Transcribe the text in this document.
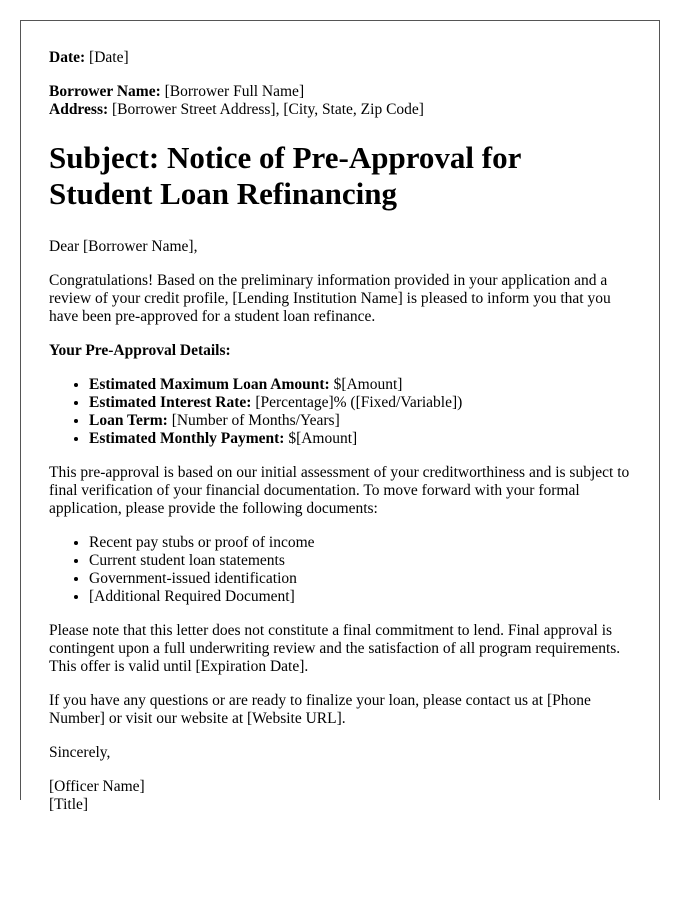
Date: [Date]

Borrower Name: [Borrower Full Name]

Address: [Borrower Street Address], [City, State, Zip Code]

Subject: Notice of Pre-Approval for Student Loan Refinancing

Dear [Borrower Name],

Congratulations! Based on the preliminary information provided in your application and a review of your credit profile, [Lending Institution Name] is pleased to inform you that you have been pre-approved for a student loan refinance.

Your Pre-Approval Details:

• Estimated Maximum Loan Amount: $[Amount]
• Estimated Interest Rate: [Percentage]% ([Fixed/Variable])
• Loan Term: [Number of Months/Years]
• Estimated Monthly Payment: $[Amount]

This pre-approval is based on our initial assessment of your creditworthiness and is subject to final verification of your financial documentation. To move forward with your formal application, please provide the following documents:

• Recent pay stubs or proof of income
• Current student loan statements
• Government-issued identification
• [Additional Required Document]

Please note that this letter does not constitute a final commitment to lend. Final approval is contingent upon a full underwriting review and the satisfaction of all program requirements. This offer is valid until [Expiration Date].

If you have any questions or are ready to finalize your loan, please contact us at [Phone Number] or visit our website at [Website URL].

Sincerely,

[Officer Name]

[Title]
